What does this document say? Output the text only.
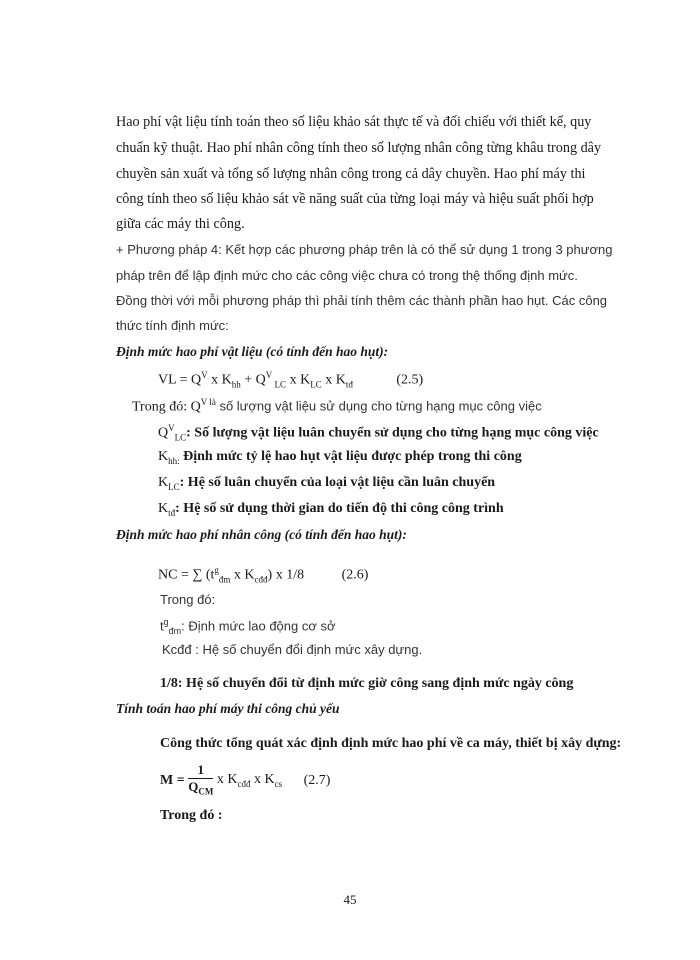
Hao phí vật liệu tính toán theo số liệu khảo sát thực tế và đối chiếu với thiết kế, quy
chuẩn kỹ thuật. Hao phí nhân công tính theo số lượng nhân công từng khâu trong dây
chuyền sản xuất và tổng số lượng nhân công trong cả dây chuyền. Hao phí máy thi
công tính theo số liệu khảo sát về năng suất của từng loại máy và hiệu suất phối hợp
giữa các máy thi công.
+ Phương pháp 4: Kết hợp các phương pháp trên là có thể sử dụng 1 trong 3 phương
pháp trên để lập định mức cho các công việc chưa có trong thệ thống định mức.
Đồng thời với mỗi phương pháp thì phải tính thêm các thành phần hao hụt. Các công
thức tính định mức:
Định mức hao phí vật liệu (có tính đến hao hụt):
VL = $Q^V$ x $K_{hh} + Q^V$ $_{LC}$ x $K_{LC}$ x $K_{tđ}$	(2.5)
Trong đó: $Q^{V là}$ số lượng vật liệu sử dụng cho từng hạng mục công việc
$Q^V_{LC}$: Số lượng vật liệu luân chuyển sử dụng cho từng hạng mục công việc
$K_{hh:}$ Định mức tỷ lệ hao hụt vật liệu được phép trong thi công
$K_{LC}$: Hệ số luân chuyển của loại vật liệu cần luân chuyển
$K_{tđ}$: Hệ số sử dụng thời gian do tiến độ thi công công trình
Định mức hao phí nhân công (có tính đến hao hụt):
NC = ∑ ($t^g_{đm}$ x $K_{cđđ}$) x 1/8	(2.6)
Trong đó:
$t^g_{đm}$: Định mức lao động cơ sở
Kcđđ : Hệ số chuyển đổi định mức xây dựng.
1/8: Hệ số chuyển đổi từ định mức giờ công sang định mức ngày công
Tính toán hao phí máy thi công chủ yếu
Công thức tổng quát xác định định mức hao phí về ca máy, thiết bị xây dựng:
$M = \frac{1}{Q_{CM}}$ x $K_{cđđ}$ x $K_{cs}$ (2.7)
Trong đó :
45
